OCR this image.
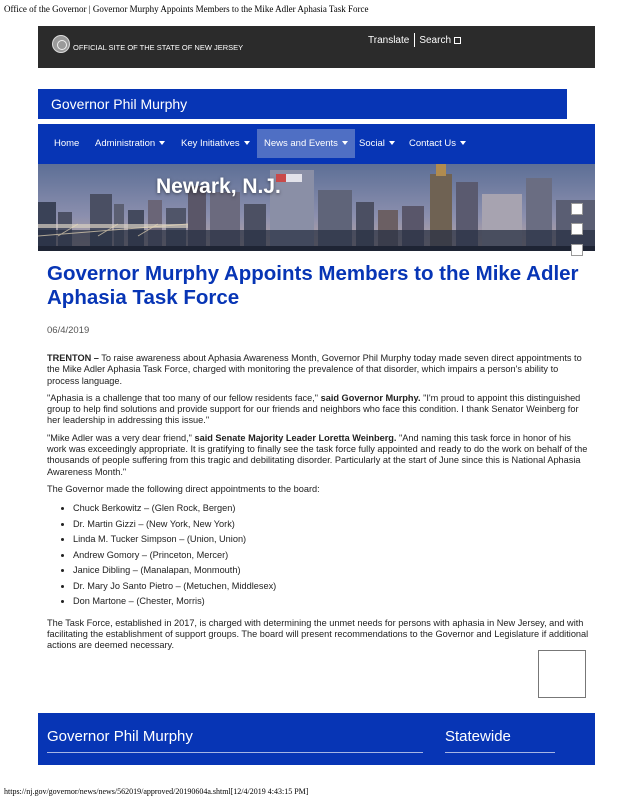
Office of the Governor | Governor Murphy Appoints Members to the Mike Adler Aphasia Task Force
OFFICIAL SITE OF THE STATE OF NEW JERSEY
Translate Search
Governor Phil Murphy
Home	Administration	Key Initiatives	News and Events	Social	Contact Us
Newark, N.J.
Governor Murphy Appoints Members to the Mike Adler Aphasia Task Force
06/4/2019

TRENTON – To raise awareness about Aphasia Awareness Month, Governor Phil Murphy today made seven direct appointments to the Mike Adler Aphasia Task Force, charged with monitoring the prevalence of that disorder, which impairs a person's ability to process language.

"Aphasia is a challenge that too many of our fellow residents face," said Governor Murphy. "I'm proud to appoint this distinguished group to help find solutions and provide support for our friends and neighbors who face this condition. I thank Senator Weinberg for her leadership in addressing this issue."

"Mike Adler was a very dear friend," said Senate Majority Leader Loretta Weinberg. "And naming this task force in honor of his work was exceedingly appropriate. It is gratifying to finally see the task force fully appointed and ready to do the work on behalf of the thousands of people suffering from this tragic and debilitating disorder. Particularly at the start of June since this is National Aphasia Awareness Month."

The Governor made the following direct appointments to the board:

• Chuck Berkowitz – (Glen Rock, Bergen)
• Dr. Martin Gizzi – (New York, New York)
• Linda M. Tucker Simpson – (Union, Union)
• Andrew Gomory – (Princeton, Mercer)
• Janice Dibling – (Manalapan, Monmouth)
• Dr. Mary Jo Santo Pietro – (Metuchen, Middlesex)
• Don Martone – (Chester, Morris)

The Task Force, established in 2017, is charged with determining the unmet needs for persons with aphasia in New Jersey, and with facilitating the establishment of support groups. The board will present recommendations to the Governor and Legislature if additional actions are deemed necessary.

Governor Phil Murphy	Statewide
https://nj.gov/governor/news/news/562019/approved/20190604a.shtml[12/4/2019 4:43:15 PM]
